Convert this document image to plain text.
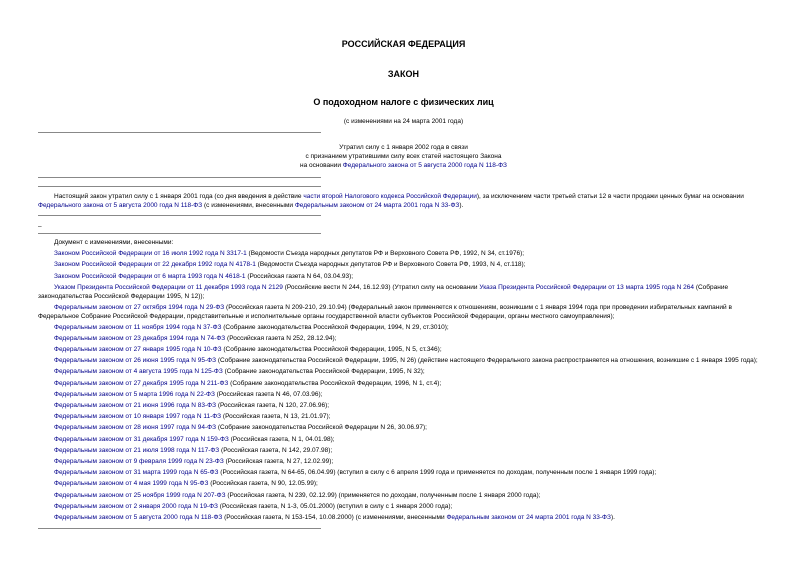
РОССИЙСКАЯ ФЕДЕРАЦИЯ
ЗАКОН
О подоходном налоге с физических лиц
(с изменениями на 24 марта 2001 года)
Утратил силу с 1 января 2002 года в связи
с признанием утратившими силу всех статей настоящего Закона
на основании Федерального закона от 5 августа 2000 года N 118-ФЗ
Настоящий закон утратил силу с 1 января 2001 года (со дня введения в действие части второй Налогового кодекса Российской Федерации), за исключением части третьей статьи 12 в части продажи ценных бумаг на основании Федерального закона от 5 августа 2000 года N 118-ФЗ (с изменениями, внесенными Федеральным законом от 24 марта 2001 года N 33-ФЗ).
–
Документ с изменениями, внесенными:
Законом Российской Федерации от 16 июля 1992 года N 3317-1 (Ведомости Съезда народных депутатов РФ и Верховного Совета РФ, 1992, N 34, ст.1976);
Законом Российской Федерации от 22 декабря 1992 года N 4178-1 (Ведомости Съезда народных депутатов РФ и Верховного Совета РФ, 1993, N 4, ст.118);
Законом Российской Федерации от 6 марта 1993 года N 4618-1 (Российская газета N 64, 03.04.93);
Указом Президента Российской Федерации от 11 декабря 1993 года N 2129 (Российские вести N 244, 16.12.93) (Утратил силу на основании Указа Президента Российской Федерации от 13 марта 1995 года N 264 (Собрание законодательства Российской Федерации 1995, N 12));
Федеральным законом от 27 октября 1994 года N 29-ФЗ (Российская газета N 209-210, 29.10.94) (Федеральный закон применяется к отношениям, возникшим с 1 января 1994 года при проведении избирательных кампаний в Федеральное Собрание Российской Федерации, представительные и исполнительные органы государственной власти субъектов Российской Федерации, органы местного самоуправления);
Федеральным законом от 11 ноября 1994 года N 37-ФЗ (Собрание законодательства Российской Федерации, 1994, N 29, ст.3010);
Федеральным законом от 23 декабря 1994 года N 74-ФЗ (Российская газета N 252, 28.12.94);
Федеральным законом от 27 января 1995 года N 10-ФЗ (Собрание законодательства Российской Федерации, 1995, N 5, ст.346);
Федеральным законом от 26 июня 1995 года N 95-ФЗ (Собрание законодательства Российской Федерации, 1995, N 26) (действие настоящего Федерального закона распространяется на отношения, возникшие с 1 января 1995 года);
Федеральным законом от 4 августа 1995 года N 125-ФЗ (Собрание законодательства Российской Федерации, 1995, N 32);
Федеральным законом от 27 декабря 1995 года N 211-ФЗ (Собрание законодательства Российской Федерации, 1996, N 1, ст.4);
Федеральным законом от 5 марта 1996 года N 22-ФЗ (Российская газета N 46, 07.03.96);
Федеральным законом от 21 июня 1996 года N 83-ФЗ (Российская газета, N 120, 27.06.96);
Федеральным законом от 10 января 1997 года N 11-ФЗ (Российская газета, N 13, 21.01.97);
Федеральным законом от 28 июня 1997 года N 94-ФЗ (Собрание законодательства Российской Федерации N 26, 30.06.97);
Федеральным законом от 31 декабря 1997 года N 159-ФЗ (Российская газета, N 1, 04.01.98);
Федеральным законом от 21 июля 1998 года N 117-ФЗ (Российская газета, N 142, 29.07.98);
Федеральным законом от 9 февраля 1999 года N 23-ФЗ (Российская газета, N 27, 12.02.99);
Федеральным законом от 31 марта 1999 года N 65-ФЗ (Российская газета, N 64-65, 06.04.99) (вступил в силу с 6 апреля 1999 года и применяется по доходам, полученным после 1 января 1999 года);
Федеральным законом от 4 мая 1999 года N 95-ФЗ (Российская газета, N 90, 12.05.99);
Федеральным законом от 25 ноября 1999 года N 207-ФЗ (Российская газета, N 239, 02.12.99) (применяется по доходам, полученным после 1 января 2000 года);
Федеральным законом от 2 января 2000 года N 19-ФЗ (Российская газета, N 1-3, 05.01.2000) (вступил в силу с 1 января 2000 года);
Федеральным законом от 5 августа 2000 года N 118-ФЗ (Российская газета, N 153-154, 10.08.2000) (с изменениями, внесенными Федеральным законом от 24 марта 2001 года N 33-ФЗ).
